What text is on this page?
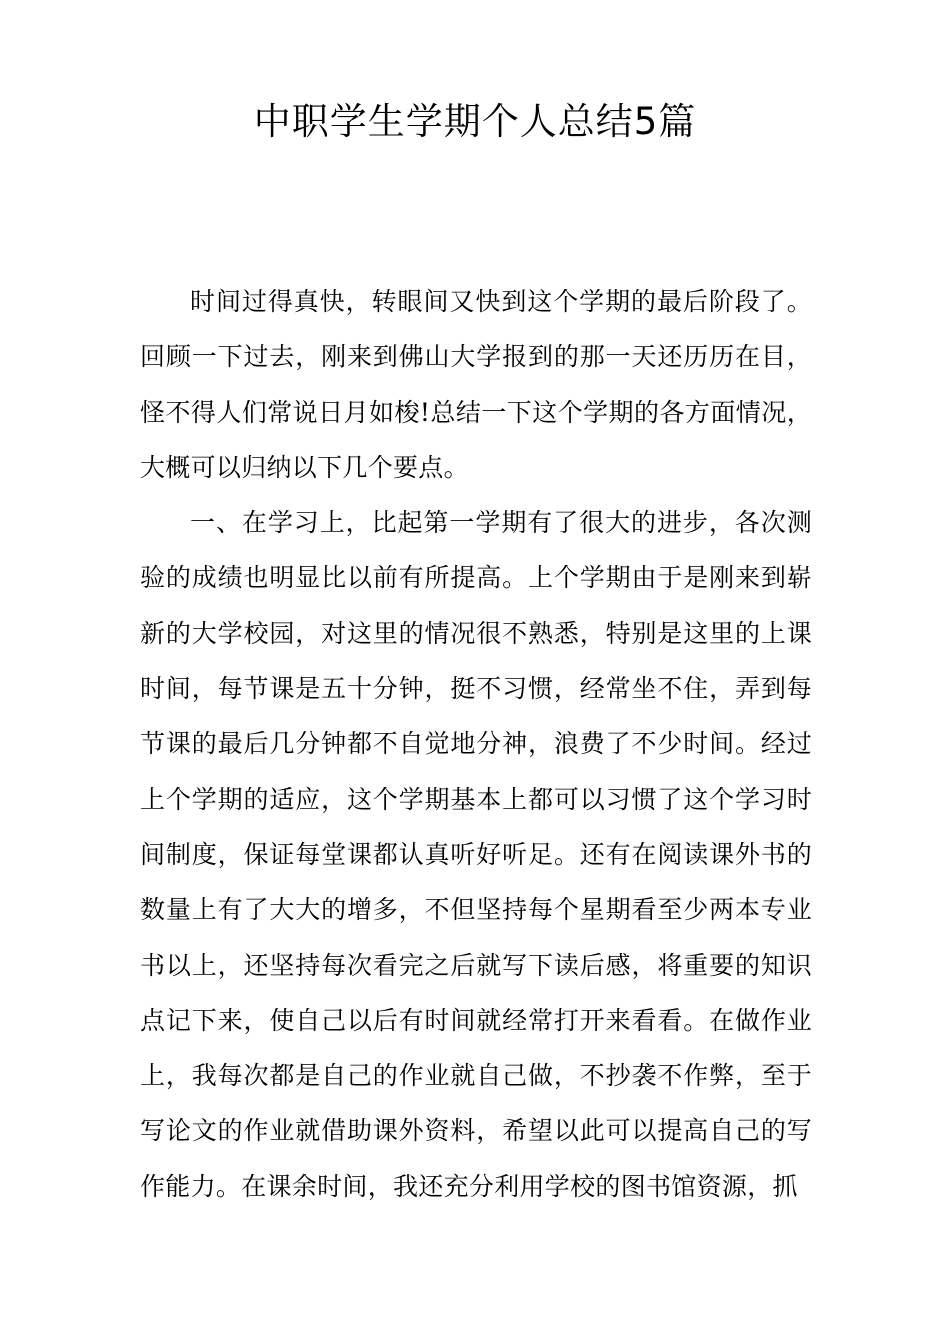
中职学生学期个人总结5篇

时间过得真快，转眼间又快到这个学期的最后阶段了。回顾一下过去，刚来到佛山大学报到的那一天还历历在目，怪不得人们常说日月如梭!总结一下这个学期的各方面情况，大概可以归纳以下几个要点。

一、在学习上，比起第一学期有了很大的进步，各次测验的成绩也明显比以前有所提高。上个学期由于是刚来到崭新的大学校园，对这里的情况很不熟悉，特别是这里的上课时间，每节课是五十分钟，挺不习惯，经常坐不住，弄到每节课的最后几分钟都不自觉地分神，浪费了不少时间。经过上个学期的适应，这个学期基本上都可以习惯了这个学习时间制度，保证每堂课都认真听好听足。还有在阅读课外书的数量上有了大大的增多，不但坚持每个星期看至少两本专业书以上，还坚持每次看完之后就写下读后感，将重要的知识点记下来，使自己以后有时间就经常打开来看看。在做作业上，我每次都是自己的作业就自己做，不抄袭不作弊，至于写论文的作业就借助课外资料，希望以此可以提高自己的写作能力。在课余时间，我还充分利用学校的图书馆资源，抓
